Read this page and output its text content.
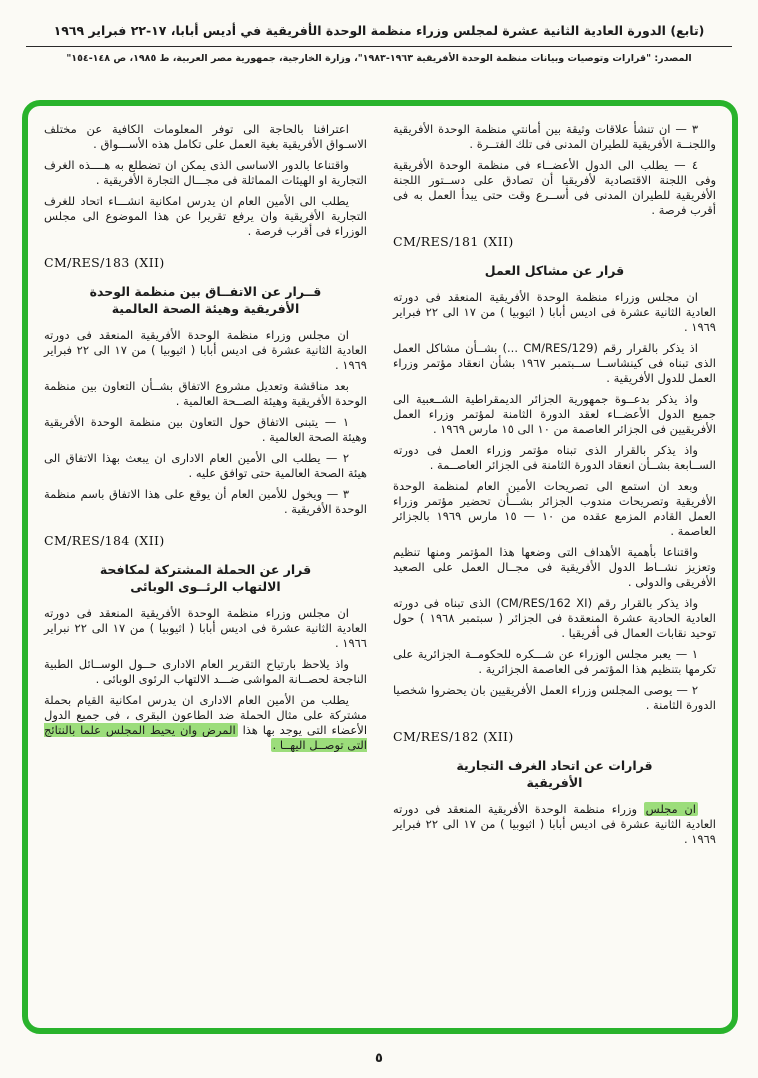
(تابع) الدورة العادية الثانية عشرة لمجلس وزراء منظمة الوحدة الأفريقية في أديس أبابا، ١٧-٢٢ فبراير ١٩٦٩
المصدر: "قرارات وتوصيات وبيانات منظمة الوحدة الأفريقية ١٩٦٣-١٩٨٣"، وزارة الخارجية، جمهورية مصر العربية، ط ١٩٨٥، ص ١٤٨-١٥٤"

٣ — ان تنشأ علاقات وثيقة بين أمانتي منظمة الوحدة الأفريقية واللجنــة الأفريقية للطيران المدنى فى تلك الفتــرة .

٤ — يطلب الى الدول الأعضــاء فى منظمة الوحدة الأفريقية وفى اللجنة الاقتصادية لأفريقيا أن تصادق على دســتور اللجنة الأفريقية للطيران المدنى فى أســرع وقت حتى يبدأ العمل به فى أقرب فرصة .

CM/RES/181 (XII)
قرار عن مشاكل العمل

ان مجلس وزراء منظمة الوحدة الأفريقية المنعقد فى دورته العادية الثانية عشرة فى اديس أبابا ( اثيوبيا ) من ١٧ الى ٢٢ فبراير ١٩٦٩ .

اذ يذكر بالقرار رقم (‎CM/RES/129‎ ...) بشــأن مشاكل العمل الذى تبناه فى كينشاســا ســبتمبر ١٩٦٧ بشأن انعقاد مؤتمر وزراء العمل للدول الأفريقية .

واذ يذكر بدعــوة جمهورية الجزائر الديمقراطية الشــعبية الى جميع الدول الأعضــاء لعقد الدورة الثامنة لمؤتمر وزراء العمل الأفريقيين فى الجزائر العاصمة من ١٠ الى ١٥ مارس ١٩٦٩ .

واذ يذكر بالقرار الذى تبناه مؤتمر وزراء العمل فى دورته الســابعة بشــأن انعقاد الدورة الثامنة فى الجزائر العاصــمة .

وبعد ان استمع الى تصريحات الأمين العام لمنظمة الوحدة الأفريقية وتصريحات مندوب الجزائر بشـــأن تحضير مؤتمر وزراء العمل القادم المزمع عقده من ١٠ — ١٥ مارس ١٩٦٩ بالجزائر العاصمة .

واقتناعا بأهمية الأهداف التى وضعها هذا المؤتمر ومنها تنظيم وتعزيز نشــاط الدول الأفريقية فى مجــال العمل على الصعيد الأفريقى والدولى .

واذ يذكر بالقرار رقم (‎CM/RES/162 XI‎) الذى تبناه فى دورته العادية الحادية عشرة المنعقدة فى الجزائر ( سبتمبر ١٩٦٨ ) حول توحيد نقابات العمال فى أفريقيا .

١ — يعبر مجلس الوزراء عن شـــكره للحكومــة الجزائرية على تكرمها بتنظيم هذا المؤتمر فى العاصمة الجزائرية .

٢ — يوصى المجلس وزراء العمل الأفريقيين بان يحضروا شخصيا الدورة الثامنة .

CM/RES/182 (XII)
قرارات عن اتحاد الغرف التجارية الأفريقية

ان مجلس وزراء منظمة الوحدة الأفريقية المنعقد فى دورته العادية الثانية عشرة فى اديس أبابا ( اثيوبيا ) من ١٧ الى ٢٢ فبراير ١٩٦٩ .

اعترافنا بالحاجة الى توفر المعلومات الكافية عن مختلف الاسـواق الأفريقية بغية العمل على تكامل هذه الأســـواق .

واقتناعا بالدور الاساسى الذى يمكن ان تضطلع به هــــذه الغرف التجارية او الهيئات المماثلة فى مجـــال التجارة الأفريقية .

يطلب الى الأمين العام ان يدرس امكانية انشـــاء اتحاد للغرف التجارية الأفريقية وان يرفع تقريرا عن هذا الموضوع الى مجلس الوزراء فى أقرب فرصة .

CM/RES/183 (XII)
قــرار عن الاتفــاق بين منظمة الوحدة الأفريقية وهيئة الصحة العالمية

ان مجلس وزراء منظمة الوحدة الأفريقية المنعقد فى دورته العادية الثانية عشرة فى اديس أبابا ( اثيوبيا ) من ١٧ الى ٢٢ فبراير ١٩٦٩ .

بعد مناقشة وتعديل مشروع الاتفاق بشــأن التعاون بين منظمة الوحدة الأفريقية وهيئة الصــحة العالمية .

١ — يتبنى الاتفاق حول التعاون بين منظمة الوحدة الأفريقية وهيئة الصحة العالمية .

٢ — يطلب الى الأمين العام الادارى ان يبعث بهذا الاتفاق الى هيئة الصحة العالمية حتى توافق عليه .

٣ — ويخول للأمين العام أن يوقع على هذا الاتفاق باسم منظمة الوحدة الأفريقية .

CM/RES/184 (XII)
قرار عن الحملة المشتركة لمكافحة الالتهاب الرئــوى الوبائى

ان مجلس وزراء منظمة الوحدة الأفريقية المنعقد فى دورته العادية الثانية عشرة فى اديس أبابا ( اثيوبيا ) من ١٧ الى ٢٢ نبراير ١٩٦٦ .

واذ يلاحظ بارتياح التقرير العام الادارى حــول الوســائل الطبية الناجحة لحصــانة المواشى ضـــد الالتهاب الرئوى الوبائى .

يطلب من الأمين العام الادارى ان يدرس امكانية القيام بحملة مشتركة على مثال الحملة ضد الطاعون البقرى ، فى جميع الدول الأعضاء التى يوجد بها هذا المرض وان يحيط المجلس علما بالنتائج التى توصــل اليهــا .

٥
